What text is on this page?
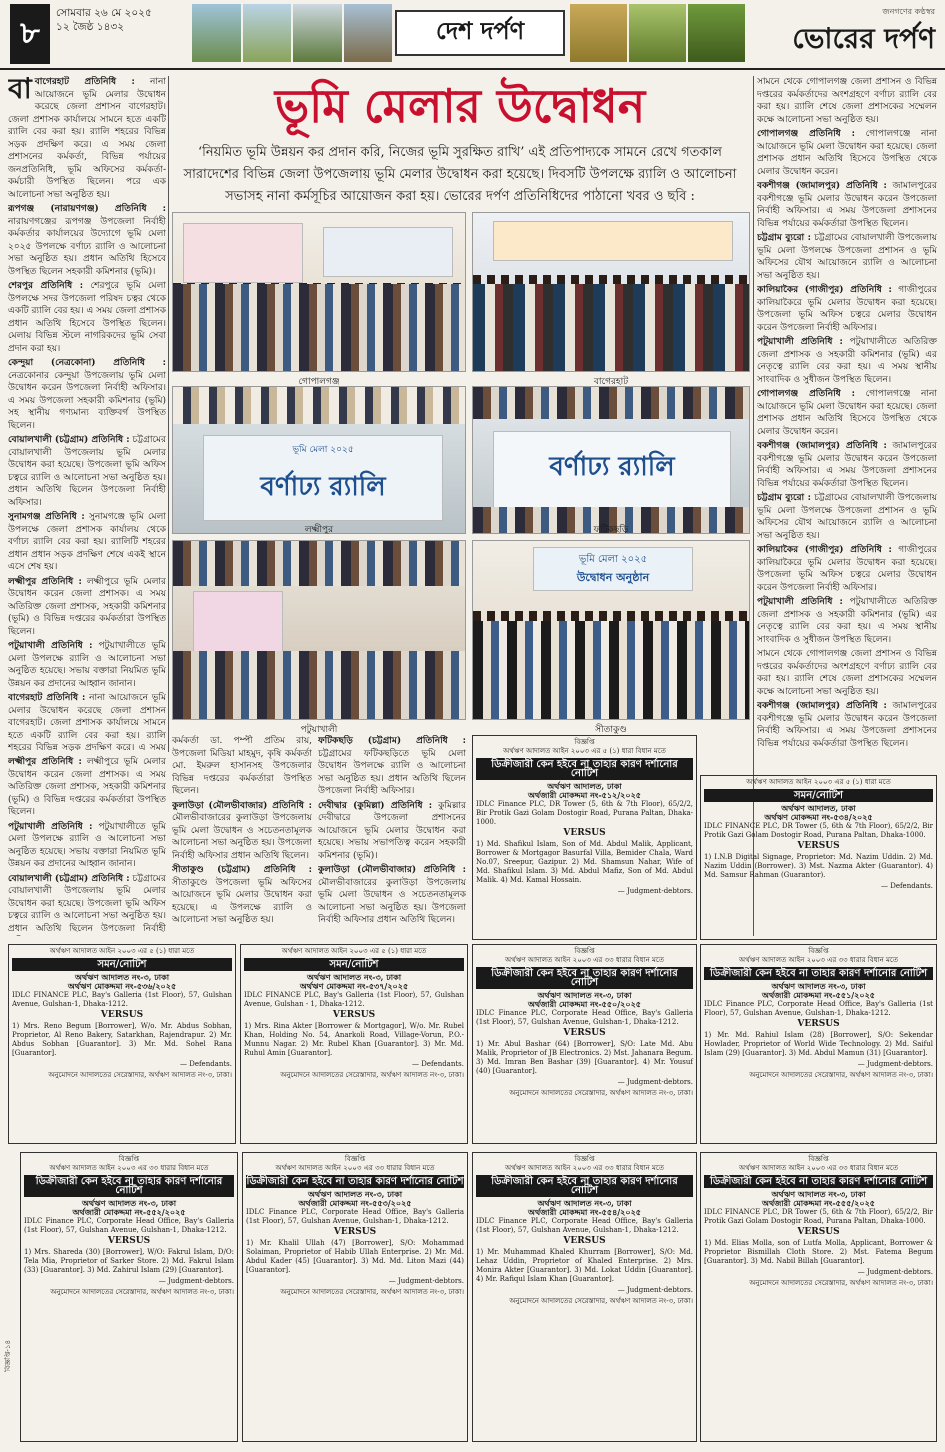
৮
সোমবার ২৬ মে ২০২৫
১২ জৈষ্ঠ ১৪৩২	দেশ দর্পণ
জনগণের কণ্ঠস্বর
ভোরের দর্পণ

বাবাগেরহাট প্রতিনিধি : নানা আয়োজনে ভূমি মেলার উদ্বোধন করেছে জেলা প্রশাসন বাগেরহাট। জেলা প্রশাসক কার্যালয়ে সামনে হতে একটি র‌্যালি বের করা হয়। র‌্যালি শহরের বিভিন্ন সড়ক প্রদক্ষিণ করে। এ সময় জেলা প্রশাসনের কর্মকর্তা, বিভিন্ন পর্যায়ের জনপ্রতিনিধি, ভূমি অফিসের কর্মকর্তা-কর্মচারী উপস্থিত ছিলেন। পরে এক আলোচনা সভা অনুষ্ঠিত হয়।

রূপগঞ্জ (নারায়ণগঞ্জ) প্রতিনিধি : নারায়ণগঞ্জের রূপগঞ্জ উপজেলা নির্বাহী কর্মকর্তার কার্যালয়ের উদ্যোগে ভূমি মেলা ২০২৫ উপলক্ষে বর্ণাঢ্য র‌্যালি ও আলোচনা সভা অনুষ্ঠিত হয়। প্রধান অতিথি হিসেবে উপস্থিত ছিলেন সহকারী কমিশনার (ভূমি)।

শেরপুর প্রতিনিধি : শেরপুরে ভূমি মেলা উপলক্ষে সদর উপজেলা পরিষদ চত্বর থেকে একটি র‌্যালি বের হয়। এ সময় জেলা প্রশাসক প্রধান অতিথি হিসেবে উপস্থিত ছিলেন। মেলায় বিভিন্ন স্টলে নাগরিকদের ভূমি সেবা প্রদান করা হয়।

কেন্দুয়া (নেত্রকোনা) প্রতিনিধি : নেত্রকোনার কেন্দুয়া উপজেলায় ভূমি মেলা উদ্বোধন করেন উপজেলা নির্বাহী অফিসার। এ সময় উপজেলা সহকারী কমিশনার (ভূমি) সহ স্থানীয় গণ্যমান্য ব্যক্তিবর্গ উপস্থিত ছিলেন।

বোয়ালখালী (চট্টগ্রাম) প্রতিনিধি : চট্টগ্রামের বোয়ালখালী উপজেলায় ভূমি মেলার উদ্বোধন করা হয়েছে। উপজেলা ভূমি অফিস চত্বরে র‌্যালি ও আলোচনা সভা অনুষ্ঠিত হয়। প্রধান অতিথি ছিলেন উপজেলা নির্বাহী অফিসার।

সুনামগঞ্জ প্রতিনিধি : সুনামগঞ্জে ভূমি মেলা উপলক্ষে জেলা প্রশাসক কার্যালয় থেকে বর্ণাঢ্য র‌্যালি বের করা হয়। র‌্যালিটি শহরের প্রধান প্রধান সড়ক প্রদক্ষিণ শেষে একই স্থানে এসে শেষ হয়।

লক্ষ্মীপুর প্রতিনিধি : লক্ষ্মীপুরে ভূমি মেলার উদ্বোধন করেন জেলা প্রশাসক। এ সময় অতিরিক্ত জেলা প্রশাসক, সহকারী কমিশনার (ভূমি) ও বিভিন্ন দপ্তরের কর্মকর্তারা উপস্থিত ছিলেন।

পটুয়াখালী প্রতিনিধি : পটুয়াখালীতে ভূমি মেলা উপলক্ষে র‌্যালি ও আলোচনা সভা অনুষ্ঠিত হয়েছে। সভায় বক্তারা নিয়মিত ভূমি উন্নয়ন কর প্রদানের আহ্বান জানান।

বাগেরহাট প্রতিনিধি : নানা আয়োজনে ভূমি মেলার উদ্বোধন করেছে জেলা প্রশাসন বাগেরহাট। জেলা প্রশাসক কার্যালয়ে সামনে হতে একটি র‌্যালি বের করা হয়। র‌্যালি শহরের বিভিন্ন সড়ক প্রদক্ষিণ করে। এ সময়

ভূমি মেলার উদ্বোধন
‘নিয়মিত ভূমি উন্নয়ন কর প্রদান করি, নিজের ভূমি সুরক্ষিত রাখি’ এই প্রতিপাদ্যকে সামনে রেখে গতকাল সারাদেশের বিভিন্ন জেলা উপজেলায় ভূমি মেলার উদ্বোধন করা হয়েছে। দিবসটি উপলক্ষে র‌্যালি ও আলোচনা সভাসহ নানা কর্মসূচির আয়োজন করা হয়। ভোরের দর্পণ প্রতিনিধিদের পাঠানো খবর ও ছবি :
গোপালগঞ্জ	বাগেরহাট
ভূমি মেলা ২০২৫
বর্ণাঢ্য র‌্যালি
লক্ষ্মীপুর
বর্ণাঢ্য র‌্যালি
ফটিকছড়ি
পটুয়াখালী
ভূমি মেলা ২০২৫
উদ্বোধন অনুষ্ঠান
সীতাকুণ্ড

কর্মকর্তা ডা. পম্পী প্রতিম রায়, উপজেলা মিডিয়া মাহমুদ, কৃষি কর্মকর্তা মো. ইমরুল হাসানসহ উপজেলার বিভিন্ন দপ্তরের কর্মকর্তারা উপস্থিত ছিলেন।

কুলাউড়া (মৌলভীবাজার) প্রতিনিধি : মৌলভীবাজারের কুলাউড়া উপজেলায় ভূমি মেলা উদ্বোধন ও সচেতনতামূলক আলোচনা সভা অনুষ্ঠিত হয়। উপজেলা নির্বাহী অফিসার প্রধান অতিথি ছিলেন।

সীতাকুণ্ড (চট্টগ্রাম) প্রতিনিধি : সীতাকুণ্ডে উপজেলা ভূমি অফিসের আয়োজনে ভূমি মেলার উদ্বোধন করা হয়েছে। এ উপলক্ষে র‌্যালি ও আলোচনা সভা অনুষ্ঠিত হয়।

ফটিকছড়ি (চট্টগ্রাম) প্রতিনিধি : চট্টগ্রামের ফটিকছড়িতে ভূমি মেলা উদ্বোধন উপলক্ষে র‌্যালি ও আলোচনা সভা অনুষ্ঠিত হয়। প্রধান অতিথি ছিলেন উপজেলা নির্বাহী অফিসার।

দেবীদ্বার (কুমিল্লা) প্রতিনিধি : কুমিল্লার দেবীদ্বারে উপজেলা প্রশাসনের আয়োজনে ভূমি মেলার উদ্বোধন করা হয়েছে। সভায় সভাপতিত্ব করেন সহকারী কমিশনার (ভূমি)।

কুলাউড়া (মৌলভীবাজার) প্রতিনিধি : মৌলভীবাজারের কুলাউড়া উপজেলায় ভূমি মেলা উদ্বোধন ও সচেতনতামূলক আলোচনা সভা অনুষ্ঠিত হয়। উপজেলা নির্বাহী অফিসার প্রধান অতিথি ছিলেন।

লক্ষ্মীপুর প্রতিনিধি : লক্ষ্মীপুরে ভূমি মেলার উদ্বোধন করেন জেলা প্রশাসক। এ সময় অতিরিক্ত জেলা প্রশাসক, সহকারী কমিশনার (ভূমি) ও বিভিন্ন দপ্তরের কর্মকর্তারা উপস্থিত ছিলেন।

পটুয়াখালী প্রতিনিধি : পটুয়াখালীতে ভূমি মেলা উপলক্ষে র‌্যালি ও আলোচনা সভা অনুষ্ঠিত হয়েছে। সভায় বক্তারা নিয়মিত ভূমি উন্নয়ন কর প্রদানের আহ্বান জানান।

বোয়ালখালী (চট্টগ্রাম) প্রতিনিধি : চট্টগ্রামের বোয়ালখালী উপজেলায় ভূমি মেলার উদ্বোধন করা হয়েছে। উপজেলা ভূমি অফিস চত্বরে র‌্যালি ও আলোচনা সভা অনুষ্ঠিত হয়। প্রধান অতিথি ছিলেন উপজেলা নির্বাহী

সামনে থেকে গোপালগঞ্জ জেলা প্রশাসন ও বিভিন্ন দপ্তরের কর্মকর্তাদের অংশগ্রহণে বর্ণাঢ্য র‌্যালি বের করা হয়। র‌্যালি শেষে জেলা প্রশাসকের সম্মেলন কক্ষে আলোচনা সভা অনুষ্ঠিত হয়।

গোপালগঞ্জ প্রতিনিধি : গোপালগঞ্জে নানা আয়োজনে ভূমি মেলা উদ্বোধন করা হয়েছে। জেলা প্রশাসক প্রধান অতিথি হিসেবে উপস্থিত থেকে মেলার উদ্বোধন করেন।

বকশীগঞ্জ (জামালপুর) প্রতিনিধি : জামালপুরের বকশীগঞ্জে ভূমি মেলার উদ্বোধন করেন উপজেলা নির্বাহী অফিসার। এ সময় উপজেলা প্রশাসনের বিভিন্ন পর্যায়ের কর্মকর্তারা উপস্থিত ছিলেন।

চট্টগ্রাম ব্যুরো : চট্টগ্রামের বোয়ালখালী উপজেলায় ভূমি মেলা উপলক্ষে উপজেলা প্রশাসন ও ভূমি অফিসের যৌথ আয়োজনে র‌্যালি ও আলোচনা সভা অনুষ্ঠিত হয়।

কালিয়াকৈর (গাজীপুর) প্রতিনিধি : গাজীপুরের কালিয়াকৈরে ভূমি মেলার উদ্বোধন করা হয়েছে। উপজেলা ভূমি অফিস চত্বরে মেলার উদ্বোধন করেন উপজেলা নির্বাহী অফিসার।

পটুয়াখালী প্রতিনিধি : পটুয়াখালীতে অতিরিক্ত জেলা প্রশাসক ও সহকারী কমিশনার (ভূমি) এর নেতৃত্বে র‌্যালি বের করা হয়। এ সময় স্থানীয় সাংবাদিক ও সুধীজন উপস্থিত ছিলেন।

গোপালগঞ্জ প্রতিনিধি : গোপালগঞ্জে নানা আয়োজনে ভূমি মেলা উদ্বোধন করা হয়েছে। জেলা প্রশাসক প্রধান অতিথি হিসেবে উপস্থিত থেকে মেলার উদ্বোধন করেন।

বকশীগঞ্জ (জামালপুর) প্রতিনিধি : জামালপুরের বকশীগঞ্জে ভূমি মেলার উদ্বোধন করেন উপজেলা নির্বাহী অফিসার। এ সময় উপজেলা প্রশাসনের বিভিন্ন পর্যায়ের কর্মকর্তারা উপস্থিত ছিলেন।

চট্টগ্রাম ব্যুরো : চট্টগ্রামের বোয়ালখালী উপজেলায় ভূমি মেলা উপলক্ষে উপজেলা প্রশাসন ও ভূমি অফিসের যৌথ আয়োজনে র‌্যালি ও আলোচনা সভা অনুষ্ঠিত হয়।

কালিয়াকৈর (গাজীপুর) প্রতিনিধি : গাজীপুরের কালিয়াকৈরে ভূমি মেলার উদ্বোধন করা হয়েছে। উপজেলা ভূমি অফিস চত্বরে মেলার উদ্বোধন করেন উপজেলা নির্বাহী অফিসার।

পটুয়াখালী প্রতিনিধি : পটুয়াখালীতে অতিরিক্ত জেলা প্রশাসক ও সহকারী কমিশনার (ভূমি) এর নেতৃত্বে র‌্যালি বের করা হয়। এ সময় স্থানীয় সাংবাদিক ও সুধীজন উপস্থিত ছিলেন।

সামনে থেকে গোপালগঞ্জ জেলা প্রশাসন ও বিভিন্ন দপ্তরের কর্মকর্তাদের অংশগ্রহণে বর্ণাঢ্য র‌্যালি বের করা হয়। র‌্যালি শেষে জেলা প্রশাসকের সম্মেলন কক্ষে আলোচনা সভা অনুষ্ঠিত হয়।

বকশীগঞ্জ (জামালপুর) প্রতিনিধি : জামালপুরের বকশীগঞ্জে ভূমি মেলার উদ্বোধন করেন উপজেলা নির্বাহী অফিসার। এ সময় উপজেলা প্রশাসনের বিভিন্ন পর্যায়ের কর্মকর্তারা উপস্থিত ছিলেন।

বিজ্ঞপ্তি
অর্থঋণ আদালত আইন ২০০৩ এর ৫ (১) ধারা বিধান মতে
ডিক্রীজারী কেন হইবে না তাহার কারণ দর্শানোর নোটিশ
অর্থঋণ আদালত, ঢাকা
অর্থজারী মোকদ্দমা নং-৫১২/২০২৫
IDLC Finance PLC, DR Tower (5, 6th & 7th Floor), 65/2/2, Bir Protik Gazi Golam Dostogir Road, Purana Paltan, Dhaka-1000.
VERSUS
1) Md. Shafikul Islam, Son of Md. Abdul Malik, Applicant, Borrower & Mortgagor Basurfal Villa, Bemider Chala, Ward No.07, Sreepur, Gazipur. 2) Md. Shamsun Nahar, Wife of Md. Shafikul Islam. 3) Md. Abdul Mafiz, Son of Md. Abdul Malik. 4) Md. Kamal Hossain.
— Judgment-debtors.
অর্থঋণ আদালত আইন ২০০৩ এর ৫ (১) ধারা মতে
সমন/নোটিশ
অর্থঋণ আদালত, ঢাকা
অর্থঋণ মোকদ্দমা নং-৫৩৪/২০২৫
IDLC FINANCE PLC, DR Tower (5, 6th & 7th Floor), 65/2/2, Bir Protik Gazi Golam Dostogir Road, Purana Paltan, Dhaka-1000.
VERSUS
1) I.N.B Digital Signage, Proprietor: Md. Nazim Uddin. 2) Md. Nazim Uddin (Borrower). 3) Mst. Nazma Akter (Guarantor). 4) Md. Samsur Rahman (Guarantor).
— Defendants.
অর্থঋণ আদালত আইন ২০০৩ এর ৫ (১) ধারা মতে
সমন/নোটিশ
অর্থঋণ আদালত নং-৩, ঢাকা
অর্থঋণ মোকদ্দমা নং-৫৩৬/২০২৫
IDLC FINANCE PLC, Bay's Galleria (1st Floor), 57, Gulshan Avenue, Gulshan-1, Dhaka-1212.
VERSUS
1) Mrs. Reno Begum [Borrower], W/o. Mr. Abdus Sobhan, Proprietor, Al Reno Bakery, Satarkhan, Rajendrapur. 2) Mr. Abdus Sobhan [Guarantor]. 3) Mr. Md. Sohel Rana [Guarantor].
— Defendants.
অনুমোদনে আদালতের সেরেস্তাদার, অর্থঋণ আদালত নং-৩, ঢাকা।
অর্থঋণ আদালত আইন ২০০৩ এর ৫ (১) ধারা মতে
সমন/নোটিশ
অর্থঋণ আদালত নং-৩, ঢাকা
অর্থঋণ মোকদ্দমা নং-৫৩৭/২০২৫
IDLC FINANCE PLC, Bay's Galleria (1st Floor), 57, Gulshan Avenue, Gulshan - 1, Dhaka-1212.
VERSUS
1) Mrs. Rina Akter [Borrower & Mortgagor], W/o. Mr. Rubel Khan, Holding No. 54, Anarkoli Road, Village-Vorun, P.O.-Munnu Nagar. 2) Mr. Rubel Khan [Guarantor]. 3) Mr. Md. Ruhul Amin [Guarantor].
— Defendants.
অনুমোদনে আদালতের সেরেস্তাদার, অর্থঋণ আদালত নং-৩, ঢাকা।
বিজ্ঞপ্তি
অর্থঋণ আদালত আইন ২০০৩ এর ৩৩ ধারার বিধান মতে
ডিক্রীজারী কেন হইবে না তাহার কারণ দর্শানোর নোটিশ
অর্থঋণ আদালত নং-৩, ঢাকা
অর্থজারী মোকদ্দমা নং-৫৫০/২০২৫
IDLC Finance PLC, Corporate Head Office, Bay's Galleria (1st Floor), 57, Gulshan Avenue, Gulshan-1, Dhaka-1212.
VERSUS
1) Mr. Abul Bashar (64) [Borrower], S/O: Late Md. Abu Malik, Proprietor of JB Electronics. 2) Mst. Jahanara Begum. 3) Md. Imran Ben Bashar (39) [Guarantor]. 4) Mr. Yousuf (40) [Guarantor].
— Judgment-debtors.
অনুমোদনে আদালতের সেরেস্তাদার, অর্থঋণ আদালত নং-৩, ঢাকা।
বিজ্ঞপ্তি
অর্থঋণ আদালত আইন ২০০৩ এর ৩৩ ধারার বিধান মতে
ডিক্রীজারী কেন হইবে না তাহার কারণ দর্শানোর নোটিশ
অর্থঋণ আদালত নং-৩, ঢাকা
অর্থজারী মোকদ্দমা নং-৫৫১/২০২৫
IDLC Finance PLC, Corporate Head Office, Bay's Galleria (1st Floor), 57, Gulshan Avenue, Gulshan-1, Dhaka-1212.
VERSUS
1) Mr. Md. Rahiul Islam (28) [Borrower], S/O: Sekendar Howlader, Proprietor of World Wide Technology. 2) Md. Saiful Islam (29) [Guarantor]. 3) Md. Abdul Mamun (31) [Guarantor].
— Judgment-debtors.
অনুমোদনে আদালতের সেরেস্তাদার, অর্থঋণ আদালত নং-৩, ঢাকা।
বিজ্ঞপ্তি
অর্থঋণ আদালত আইন ২০০৩ এর ৩৩ ধারার বিধান মতে
ডিক্রীজারী কেন হইবে না তাহার কারণ দর্শানোর নোটিশ
অর্থঋণ আদালত নং-৩, ঢাকা
অর্থজারী মোকদ্দমা নং-৫৫২/২০২৫
IDLC Finance PLC, Corporate Head Office, Bay's Galleria (1st Floor), 57, Gulshan Avenue, Gulshan-1, Dhaka-1212.
VERSUS
1) Mrs. Shareda (30) [Borrower], W/O: Fakrul Islam, D/O: Tela Mia, Proprietor of Sarker Store. 2) Md. Fakrul Islam (33) [Guarantor]. 3) Md. Zahirul Islam (29) [Guarantor].
— Judgment-debtors.
অনুমোদনে আদালতের সেরেস্তাদার, অর্থঋণ আদালত নং-৩, ঢাকা।
বিজ্ঞপ্তি
অর্থঋণ আদালত আইন ২০০৩ এর ৩৩ ধারার বিধান মতে
ডিক্রীজারী কেন হইবে না তাহার কারণ দর্শানোর নোটিশ
অর্থঋণ আদালত নং-৩, ঢাকা
অর্থজারী মোকদ্দমা নং-৫৫৩/২০২৫
IDLC Finance PLC, Corporate Head Office, Bay's Galleria (1st Floor), 57, Gulshan Avenue, Gulshan-1, Dhaka-1212.
VERSUS
1) Mr. Khalil Ullah (47) [Borrower], S/O: Mohammad Solaiman, Proprietor of Habib Ullah Enterprise. 2) Mr. Md. Abdul Kader (45) [Guarantor]. 3) Md. Md. Liton Mazi (44) [Guarantor].
— Judgment-debtors.
অনুমোদনে আদালতের সেরেস্তাদার, অর্থঋণ আদালত নং-৩, ঢাকা।
বিজ্ঞপ্তি
অর্থঋণ আদালত আইন ২০০৩ এর ৩৩ ধারার বিধান মতে
ডিক্রীজারী কেন হইবে না তাহার কারণ দর্শানোর নোটিশ
অর্থঋণ আদালত নং-৩, ঢাকা
অর্থজারী মোকদ্দমা নং-৫৫৪/২০২৫
IDLC Finance PLC, Corporate Head Office, Bay's Galleria (1st Floor), 57, Gulshan Avenue, Gulshan-1, Dhaka-1212.
VERSUS
1) Mr. Muhammad Khaled Khurram [Borrower], S/O: Md. Lehaz Uddin, Proprietor of Khaled Enterprise. 2) Mrs. Monira Akter [Guarantor]. 3) Md. Lokat Uddin [Guarantor]. 4) Mr. Rafiqul Islam Khan [Guarantor].
— Judgment-debtors.
অনুমোদনে আদালতের সেরেস্তাদার, অর্থঋণ আদালত নং-৩, ঢাকা।
বিজ্ঞপ্তি
অর্থঋণ আদালত আইন ২০০৩ এর ৩৩ ধারার বিধান মতে
ডিক্রীজারী কেন হইবে না তাহার কারণ দর্শানোর নোটিশ
অর্থঋণ আদালত নং-৩, ঢাকা
অর্থজারী মোকদ্দমা নং-৫৫৫/২০২৫
IDLC FINANCE PLC, DR Tower (5, 6th & 7th Floor), 65/2/2, Bir Protik Gazi Golam Dostogir Road, Purana Paltan, Dhaka-1000.
VERSUS
1) Md. Elias Molla, son of Lutfa Molla, Applicant, Borrower & Proprietor Bismillah Cloth Store. 2) Mst. Fatema Begum [Guarantor]. 3) Md. Nabil Billah [Guarantor].
— Judgment-debtors.
অনুমোদনে আদালতের সেরেস্তাদার, অর্থঋণ আদালত নং-৩, ঢাকা।
বিজ্ঞপ্তি-১৪
